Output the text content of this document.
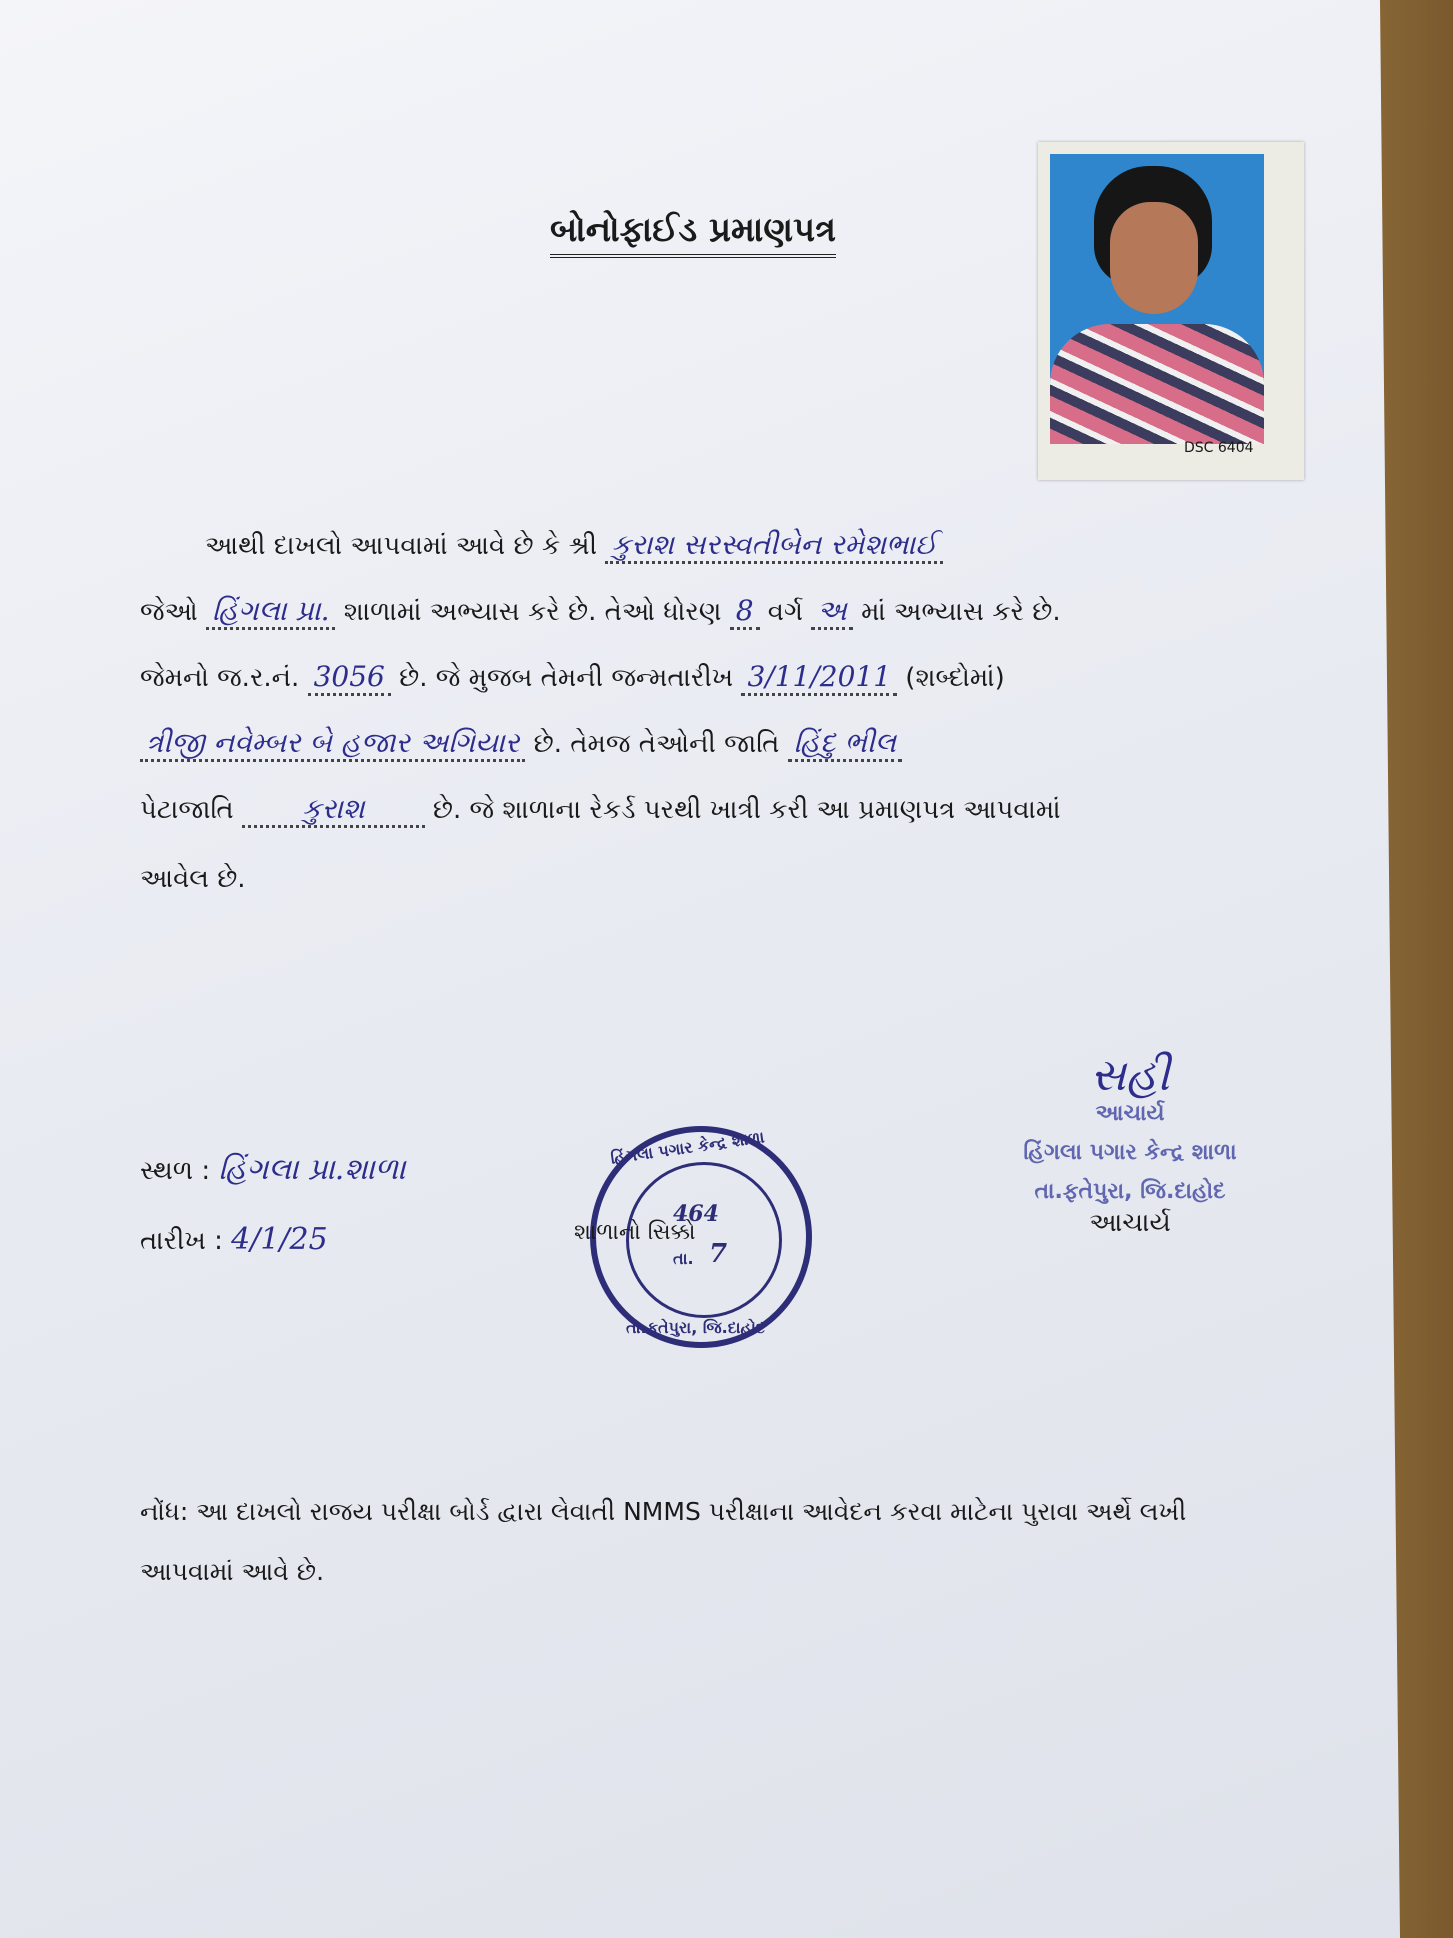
બોનોફાઈડ પ્રમાણપત્ર
DSC 6404
આથી દાખલો આપવામાં આવે છે કે શ્રી કુરાશ સરસ્વતીબેન રમેશભાઈ
જેઓ હિંગલા પ્રા. શાળામાં અભ્યાસ કરે છે. તેઓ ધોરણ 8 વર્ગ અ માં અભ્યાસ કરે છે.
જેમનો જ.ર.નં. 3056 છે. જે મુજબ તેમની જન્મતારીખ 3/11/2011 (શબ્દોમાં)
ત્રીજી નવેમ્બર બે હજાર અગિયાર છે. તેમજ તેઓની જાતિ હિંદુ ભીલ
પેટાજાતિ કુરાશ	છે. જે શાળાના રેકર્ડ પરથી ખાત્રી કરી આ પ્રમાણપત્ર આપવામાં
આવેલ છે.
સહી
આચાર્ય
હિંગલા પગાર કેન્દ્ર શાળા
તા.ફતેપુરા, જિ.દાહોદ
આચાર્ય
સ્થળ : હિંગલા પ્રા.શાળા
તારીખ : 4/1/25
હિંગલા પગાર કેન્દ્ર શાળા
464
તા. 7
તા.ફતેપુરા, જિ.દાહોદ
શાળાનો સિક્કો
નોંધ: આ દાખલો રાજય પરીક્ષા બોર્ડ દ્વારા લેવાતી NMMS પરીક્ષાના આવેદન કરવા માટેના પુરાવા અર્થે લખી આપવામાં આવે છે.
